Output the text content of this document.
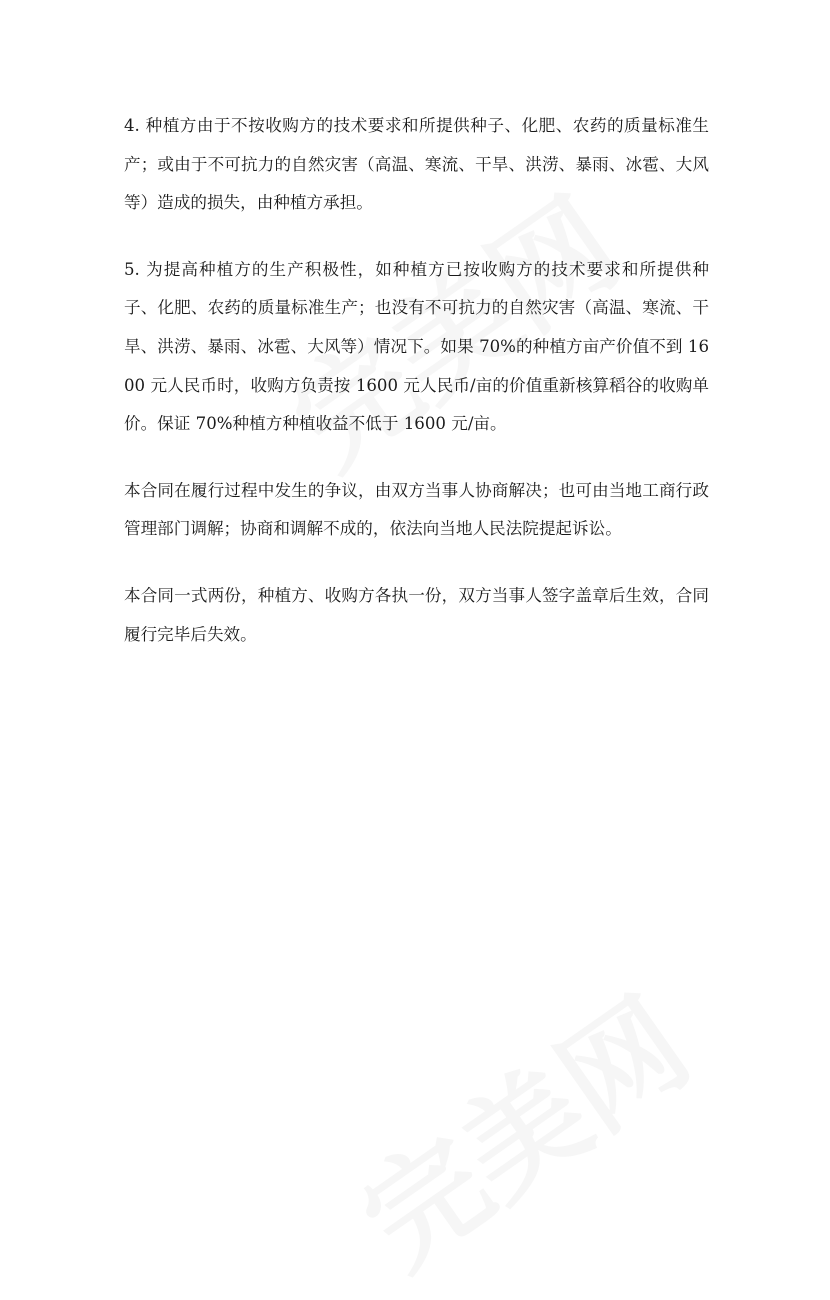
4. 种植方由于不按收购方的技术要求和所提供种子、化肥、农药的质量标准生产；或由于不可抗力的自然灾害（高温、寒流、干旱、洪涝、暴雨、冰雹、大风等）造成的损失，由种植方承担。

5. 为提高种植方的生产积极性，如种植方已按收购方的技术要求和所提供种子、化肥、农药的质量标准生产；也没有不可抗力的自然灾害（高温、寒流、干旱、洪涝、暴雨、冰雹、大风等）情况下。如果 70%的种植方亩产价值不到 1600 元人民币时，收购方负责按 1600 元人民币/亩的价值重新核算稻谷的收购单价。保证 70%种植方种植收益不低于 1600 元/亩。

本合同在履行过程中发生的争议，由双方当事人协商解决；也可由当地工商行政管理部门调解；协商和调解不成的，依法向当地人民法院提起诉讼。

本合同一式两份，种植方、收购方各执一份，双方当事人签字盖章后生效，合同履行完毕后失效。
